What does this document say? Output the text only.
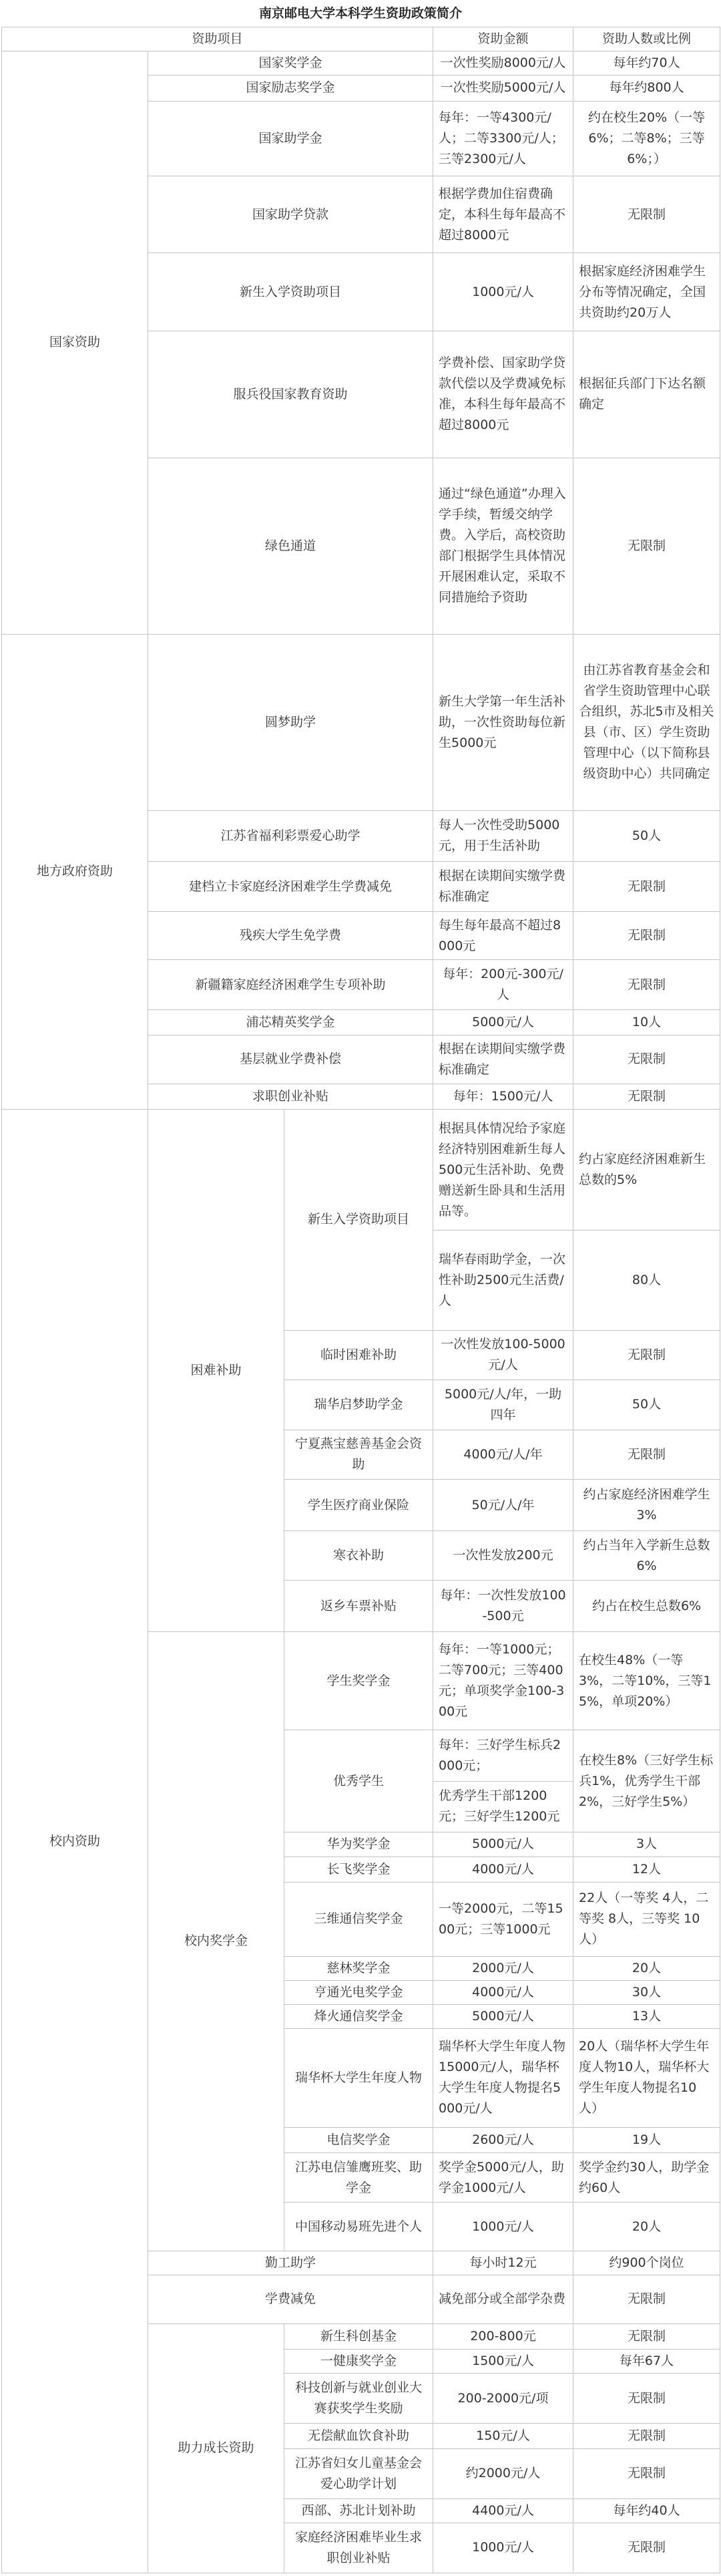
南京邮电大学本科学生资助政策简介
资助项目			资助金额	资助人数或比例
国家资助	国家奖学金		一次性奖励8000元/人	每年约70人
	国家励志奖学金		一次性奖励5000元/人	每年约800人
	国家助学金		每年：一等4300元/人；二等3300元/人；三等2300元/人	约在校生20%（一等6%；二等8%；三等6%；）
	国家助学贷款		根据学费加住宿费确定，本科生每年最高不超过8000元	无限制
	新生入学资助项目		1000元/人	根据家庭经济困难学生分布等情况确定，全国共资助约20万人
	服兵役国家教育资助		学费补偿、国家助学贷款代偿以及学费减免标准，本科生每年最高不超过8000元	根据征兵部门下达名额确定
	绿色通道		通过“绿色通道”办理入学手续，暂缓交纳学费。入学后，高校资助部门根据学生具体情况开展困难认定，采取不同措施给予资助	无限制
地方政府资助	圆梦助学		新生大学第一年生活补助，一次性资助每位新生5000元	由江苏省教育基金会和省学生资助管理中心联合组织，苏北5市及相关县（市、区）学生资助管理中心（以下简称县级资助中心）共同确定
	江苏省福利彩票爱心助学		每人一次性受助5000元，用于生活补助	50人
	建档立卡家庭经济困难学生学费减免		根据在读期间实缴学费标准确定	无限制
	残疾大学生免学费		每生每年最高不超过8000元	无限制
	新疆籍家庭经济困难学生专项补助		每年：200元-300元/人	无限制
	浦芯精英奖学金		5000元/人	10人
	基层就业学费补偿		根据在读期间实缴学费标准确定	无限制
	求职创业补贴		每年：1500元/人	无限制
校内资助	困难补助	新生入学资助项目	根据具体情况给予家庭经济特别困难新生每人500元生活补助、免费赠送新生卧具和生活用品等。	约占家庭经济困难新生总数的5%
			瑞华春雨助学金，一次性补助2500元生活费/人	80人
		临时困难补助	一次性发放100-5000元/人	无限制
		瑞华启梦助学金	5000元/人/年，一助四年	50人
		宁夏燕宝慈善基金会资助	4000元/人/年	无限制
		学生医疗商业保险	50元/人/年	约占家庭经济困难学生3%
		寒衣补助	一次性发放200元	约占当年入学新生总数6%
		返乡车票补贴	每年：一次性发放100-500元	约占在校生总数6%
	校内奖学金	学生奖学金	每年：一等1000元；二等700元；三等400元；单项奖学金100-300元	在校生48%（一等3%，二等10%，三等15%，单项20%）
		优秀学生	每年：三好学生标兵2000元；	在校生8%（三好学生标兵1%，优秀学生干部2%，三好学生5%）
			优秀学生干部1200元；三好学生1200元	
		华为奖学金	5000元/人	3人
		长飞奖学金	4000元/人	12人
		三维通信奖学金	一等2000元，二等1500元；三等1000元	22人（一等奖 4人，二等奖 8人，三等奖 10人）
		慈林奖学金	2000元/人	20人
		亨通光电奖学金	4000元/人	30人
		烽火通信奖学金	5000元/人	13人
		瑞华杯大学生年度人物	瑞华杯大学生年度人物15000元/人，瑞华杯大学生年度人物提名5000元/人	20人（瑞华杯大学生年度人物10人，瑞华杯大学生年度人物提名10人）
		电信奖学金	2600元/人	19人
		江苏电信雏鹰班奖、助学金	奖学金5000元/人，助学金1000元/人	奖学金约30人，助学金约60人
		中国移动易班先进个人	1000元/人	20人
	勤工助学		每小时12元	约900个岗位
	学费减免		减免部分或全部学杂费	无限制
	助力成长资助	新生科创基金	200-800元	无限制
		一健康奖学金	1500元/人	每年67人
		科技创新与就业创业大赛获奖学生奖励	200-2000元/项	无限制
		无偿献血饮食补助	150元/人	无限制
		江苏省妇女儿童基金会爱心助学计划	约2000元/人	无限制
		西部、苏北计划补助	4400元/人	每年约40人
		家庭经济困难毕业生求职创业补贴	1000元/人	无限制
